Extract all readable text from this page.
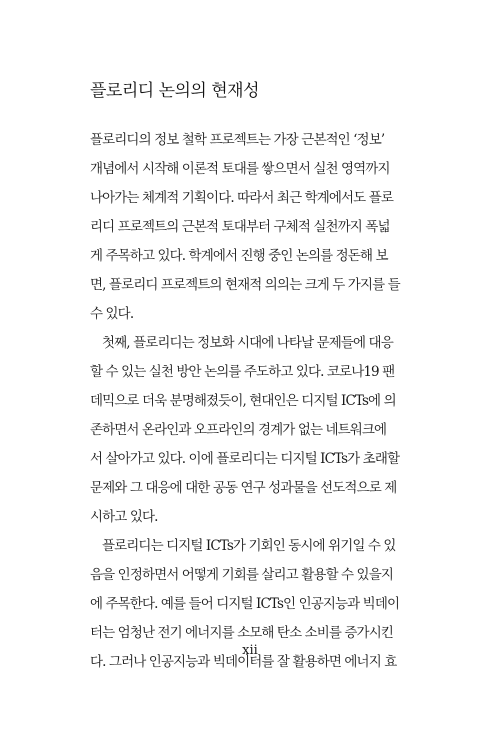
플로리디 논의의 현재성
플로리디의 정보 철학 프로젝트는 가장 근본적인 ‘정보’
개념에서 시작해 이론적 토대를 쌓으면서 실천 영역까지
나아가는 체계적 기획이다. 따라서 최근 학계에서도 플로
리디 프로젝트의 근본적 토대부터 구체적 실천까지 폭넓
게 주목하고 있다. 학계에서 진행 중인 논의를 정돈해 보
면, 플로리디 프로젝트의 현재적 의의는 크게 두 가지를 들
수 있다.
첫째, 플로리디는 정보화 시대에 나타날 문제들에 대응
할 수 있는 실천 방안 논의를 주도하고 있다. 코로나19 팬
데믹으로 더욱 분명해졌듯이, 현대인은 디지털 ICTs에 의
존하면서 온라인과 오프라인의 경계가 없는 네트워크에
서 살아가고 있다. 이에 플로리디는 디지털 ICTs가 초래할
문제와 그 대응에 대한 공동 연구 성과물을 선도적으로 제
시하고 있다.
플로리디는 디지털 ICTs가 기회인 동시에 위기일 수 있
음을 인정하면서 어떻게 기회를 살리고 활용할 수 있을지
에 주목한다. 예를 들어 디지털 ICTs인 인공지능과 빅데이
터는 엄청난 전기 에너지를 소모해 탄소 소비를 증가시킨
다. 그러나 인공지능과 빅데이터를 잘 활용하면 에너지 효
xii
